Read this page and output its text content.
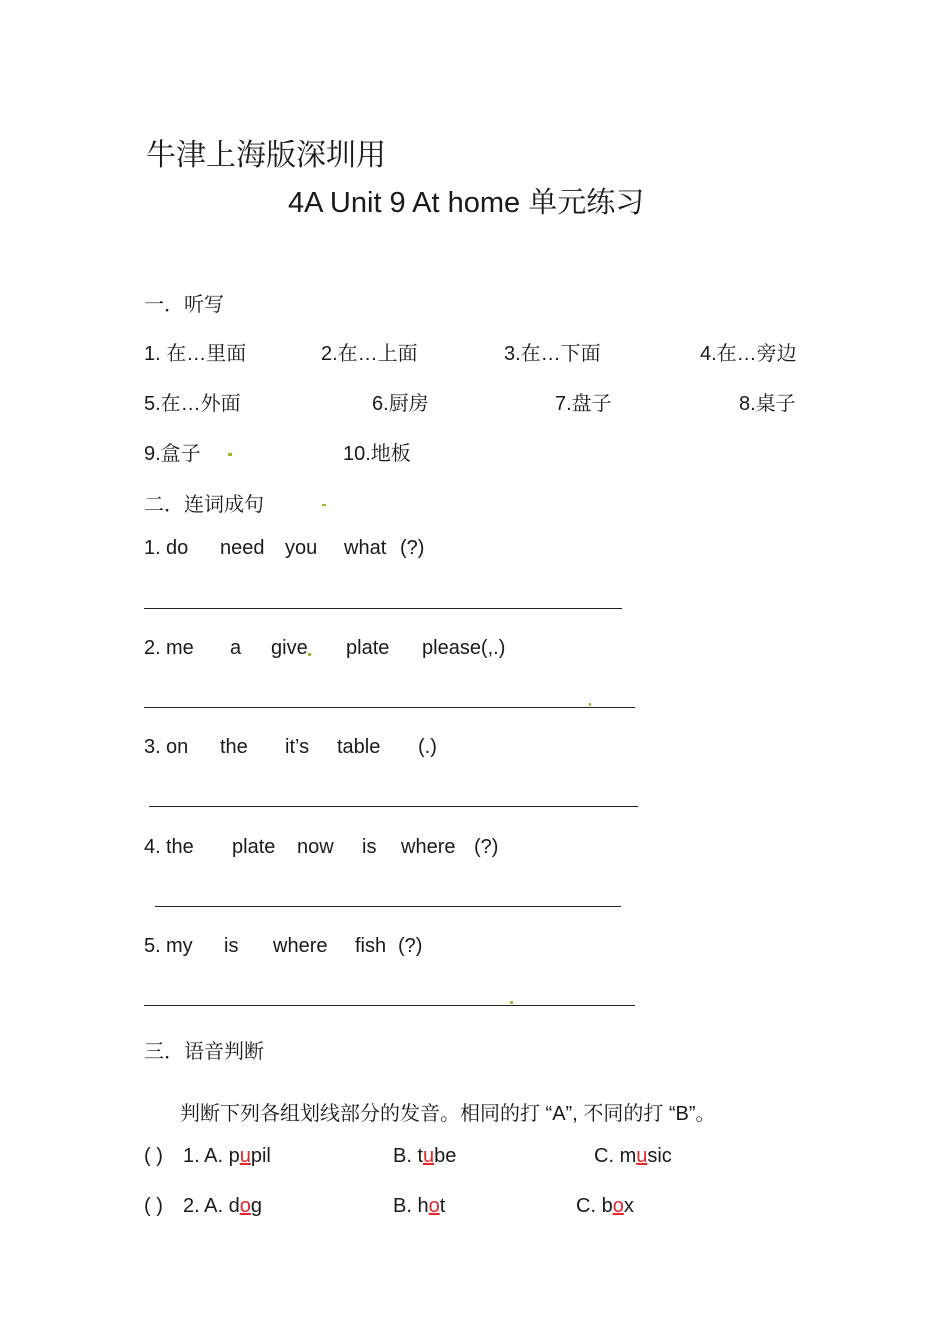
牛津上海版深圳用
4A Unit 9 At home 单元练习
一．听写
1. 在…里面	2.在…上面	3.在…下面	4.在…旁边
5.在…外面	6.厨房	7.盘子	8.桌子
9.盒子	10.地板
二．连词成句
1. do need you what (?)
2. me a give plate please(,.)
3. on the it’s table (.)
4. the plate now is where (?)
5. my is where fish (?)
三．语音判断
判断下列各组划线部分的发音。相同的打 “A”, 不同的打 “B”。
( ) 1. A. pupil	B. tube	C. music
( ) 2. A. dog	B. hot	C. box
